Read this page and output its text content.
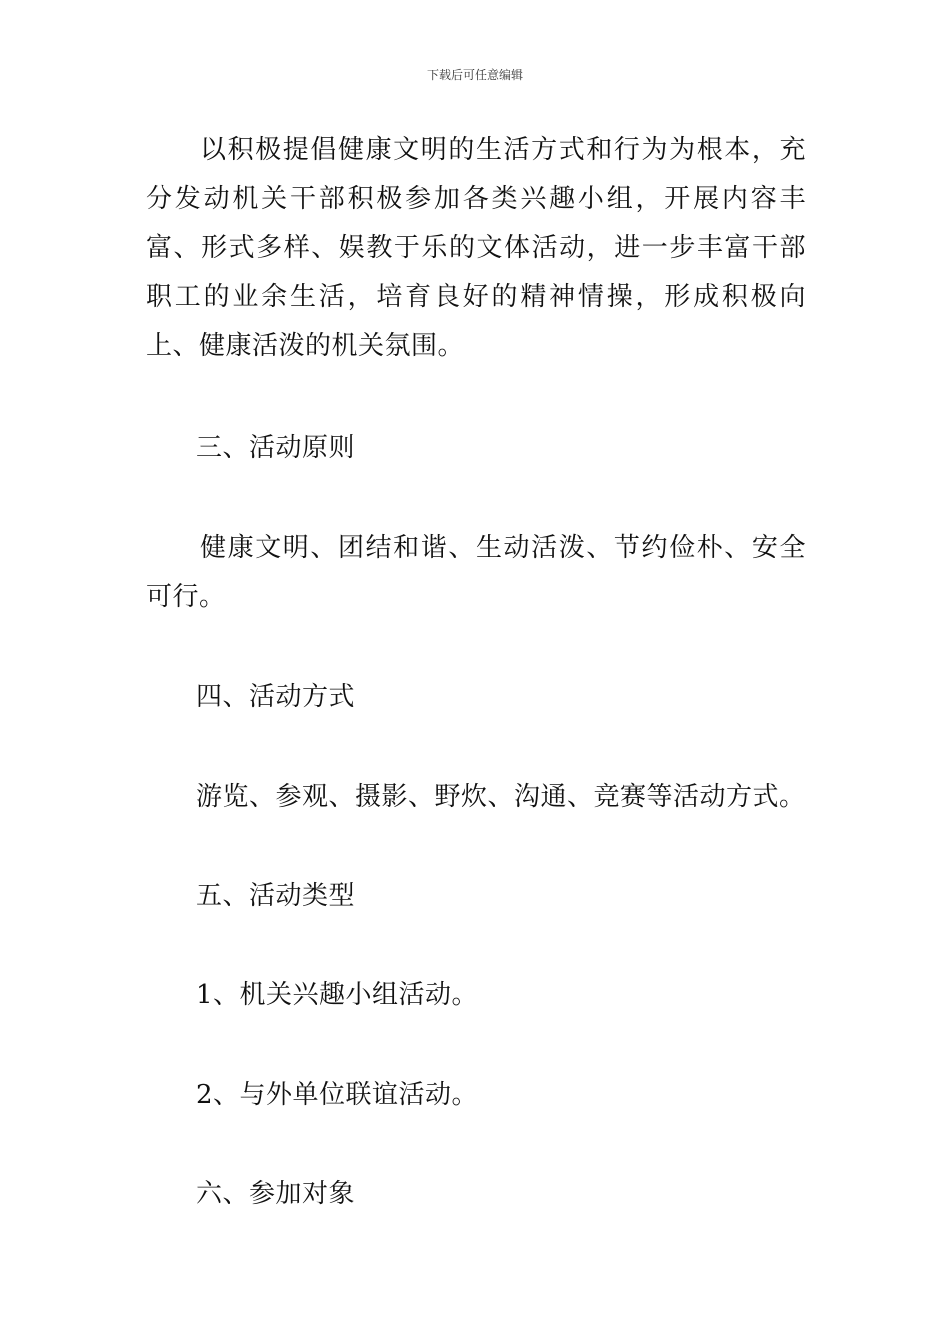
下载后可任意编辑

以积极提倡健康文明的生活方式和行为为根本，充分发动机关干部积极参加各类兴趣小组，开展内容丰富、形式多样、娱教于乐的文体活动，进一步丰富干部职工的业余生活，培育良好的精神情操，形成积极向上、健康活泼的机关氛围。

三、活动原则

健康文明、团结和谐、生动活泼、节约俭朴、安全可行。

四、活动方式

游览、参观、摄影、野炊、沟通、竞赛等活动方式。

五、活动类型

1、机关兴趣小组活动。

2、与外单位联谊活动。

六、参加对象
